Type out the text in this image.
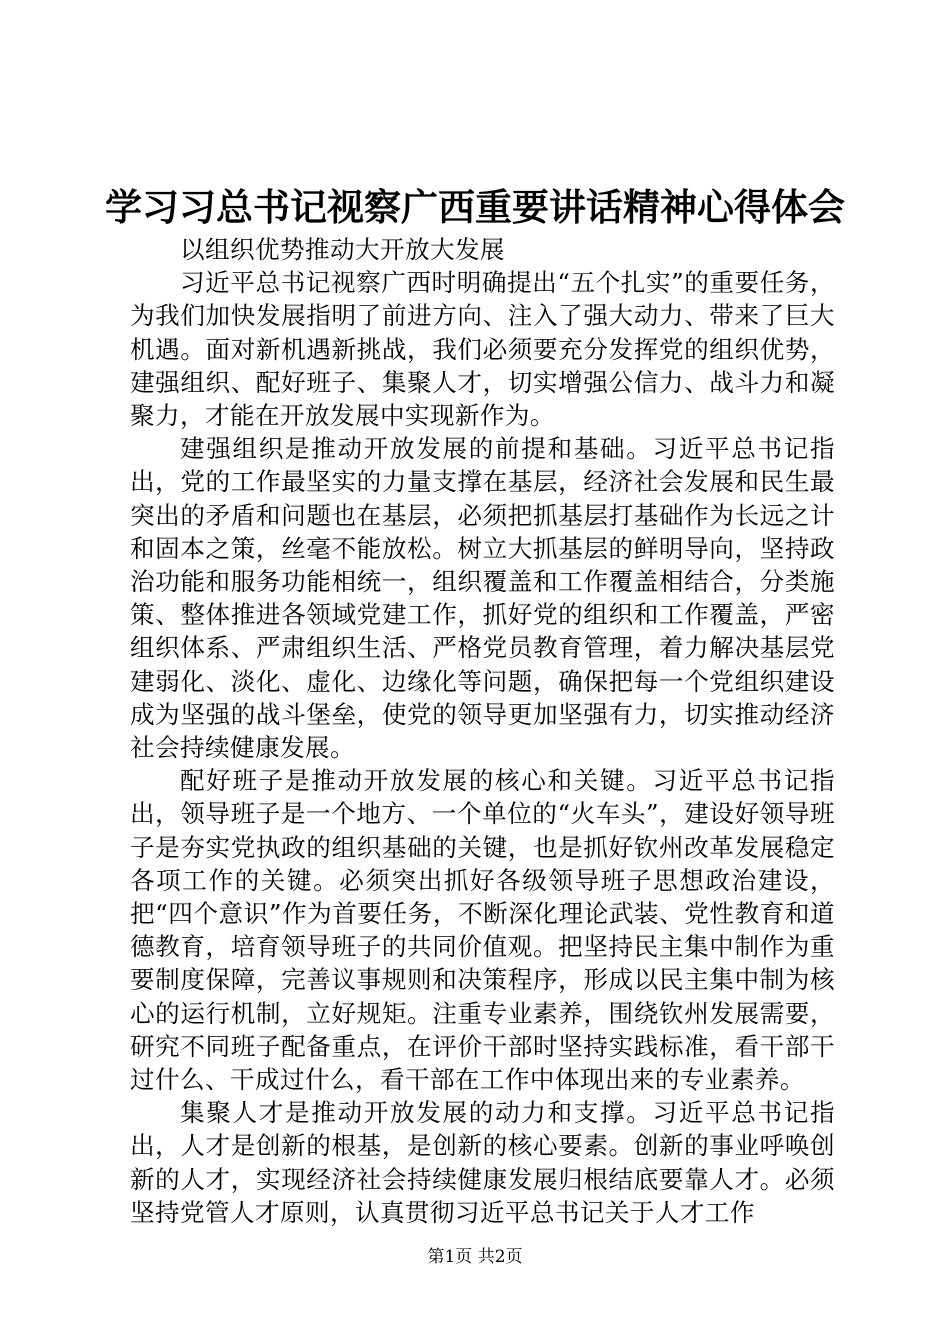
学习习总书记视察广西重要讲话精神心得体会

以组织优势推动大开放大发展

习近平总书记视察广西时明确提出“五个扎实”的重要任务，为我们加快发展指明了前进方向、注入了强大动力、带来了巨大机遇。面对新机遇新挑战，我们必须要充分发挥党的组织优势，建强组织、配好班子、集聚人才，切实增强公信力、战斗力和凝聚力，才能在开放发展中实现新作为。

建强组织是推动开放发展的前提和基础。习近平总书记指出，党的工作最坚实的力量支撑在基层，经济社会发展和民生最突出的矛盾和问题也在基层，必须把抓基层打基础作为长远之计和固本之策，丝毫不能放松。树立大抓基层的鲜明导向，坚持政治功能和服务功能相统一，组织覆盖和工作覆盖相结合，分类施策、整体推进各领域党建工作，抓好党的组织和工作覆盖，严密组织体系、严肃组织生活、严格党员教育管理，着力解决基层党建弱化、淡化、虚化、边缘化等问题，确保把每一个党组织建设成为坚强的战斗堡垒，使党的领导更加坚强有力，切实推动经济社会持续健康发展。

配好班子是推动开放发展的核心和关键。习近平总书记指出，领导班子是一个地方、一个单位的“火车头”，建设好领导班子是夯实党执政的组织基础的关键，也是抓好钦州改革发展稳定各项工作的关键。必须突出抓好各级领导班子思想政治建设，把“四个意识”作为首要任务，不断深化理论武装、党性教育和道德教育，培育领导班子的共同价值观。把坚持民主集中制作为重要制度保障，完善议事规则和决策程序，形成以民主集中制为核心的运行机制，立好规矩。注重专业素养，围绕钦州发展需要，研究不同班子配备重点，在评价干部时坚持实践标准，看干部干过什么、干成过什么，看干部在工作中体现出来的专业素养。

集聚人才是推动开放发展的动力和支撑。习近平总书记指出，人才是创新的根基，是创新的核心要素。创新的事业呼唤创新的人才，实现经济社会持续健康发展归根结底要靠人才。必须坚持党管人才原则，认真贯彻习近平总书记关于人才工作

第1页 共2页
